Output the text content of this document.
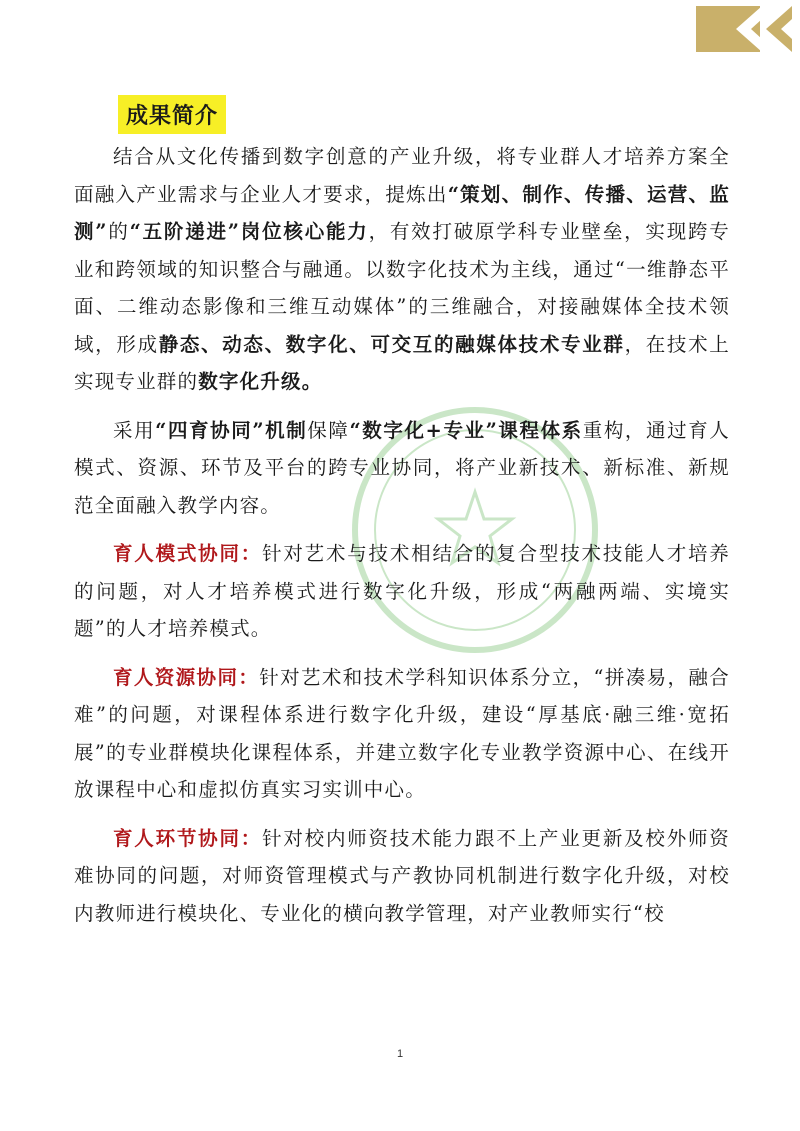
成果简介

结合从文化传播到数字创意的产业升级，将专业群人才培养方案全面融入产业需求与企业人才要求，提炼出“策划、制作、传播、运营、监测”的“五阶递进”岗位核心能力，有效打破原学科专业壁垒，实现跨专业和跨领域的知识整合与融通。以数字化技术为主线，通过“一维静态平面、二维动态影像和三维互动媒体”的三维融合，对接融媒体全技术领域，形成静态、动态、数字化、可交互的融媒体技术专业群，在技术上实现专业群的数字化升级。

采用“四育协同”机制保障“数字化+专业”课程体系重构，通过育人模式、资源、环节及平台的跨专业协同，将产业新技术、新标准、新规范全面融入教学内容。

育人模式协同：针对艺术与技术相结合的复合型技术技能人才培养的问题，对人才培养模式进行数字化升级，形成“两融两端、实境实题”的人才培养模式。

育人资源协同：针对艺术和技术学科知识体系分立，“拼凑易，融合难”的问题，对课程体系进行数字化升级，建设“厚基底·融三维·宽拓展”的专业群模块化课程体系，并建立数字化专业教学资源中心、在线开放课程中心和虚拟仿真实习实训中心。

育人环节协同：针对校内师资技术能力跟不上产业更新及校外师资难协同的问题，对师资管理模式与产教协同机制进行数字化升级，对校内教师进行模块化、专业化的横向教学管理，对产业教师实行“校

1
